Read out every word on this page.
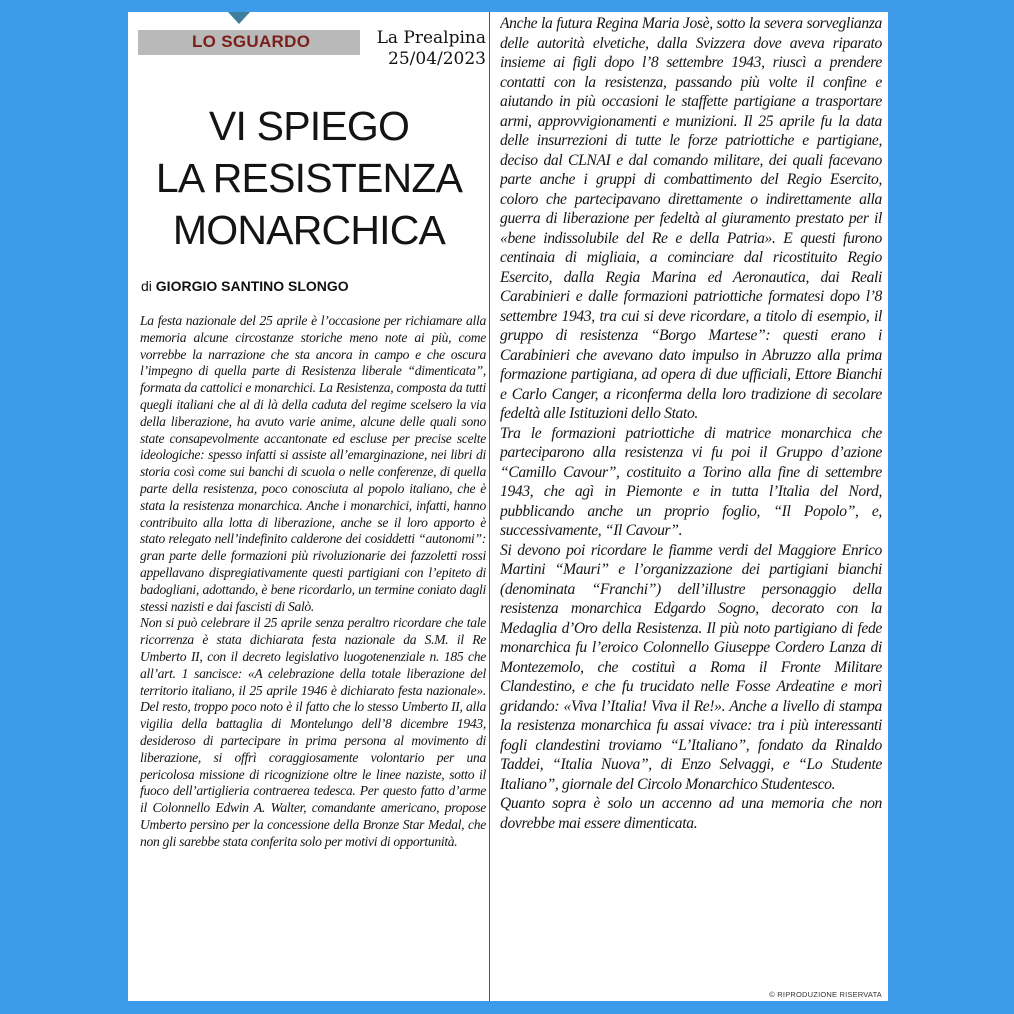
LO SGUARDO	La Prealpina
25/04/2023
VI SPIEGO
LA RESISTENZA
MONARCHICA
di GIORGIO SANTINO SLONGO

La festa nazionale del 25 aprile è l’occasione per richiamare alla memoria alcune circostanze storiche meno note ai più, come vorrebbe la narrazione che sta ancora in campo e che oscura l’impegno di quella parte di Resistenza liberale “dimenticata”, formata da cattolici e monarchici. La Resistenza, composta da tutti quegli italiani che al di là della caduta del regime scelsero la via della liberazione, ha avuto varie anime, alcune delle quali sono state consapevolmente accantonate ed escluse per precise scelte ideologiche: spesso infatti si assiste all’emarginazione, nei libri di storia così come sui banchi di scuola o nelle conferenze, di quella parte della resistenza, poco conosciuta al popolo italiano, che è stata la resistenza monarchica. Anche i monarchici, infatti, hanno contribuito alla lotta di liberazione, anche se il loro apporto è stato relegato nell’indefinito calderone dei cosiddetti “autonomi”: gran parte delle formazioni più rivoluzionarie dei fazzoletti rossi appellavano dispregiativamente questi partigiani con l’epiteto di badogliani, adottando, è bene ricordarlo, un termine coniato dagli stessi nazisti e dai fascisti di Salò.

Non si può celebrare il 25 aprile senza peraltro ricordare che tale ricorrenza è stata dichiarata festa nazionale da S.M. il Re Umberto II, con il decreto legislativo luogotenenziale n. 185 che all’art. 1 sancisce: «A celebrazione della totale liberazione del territorio italiano, il 25 aprile 1946 è dichiarato festa nazionale». Del resto, troppo poco noto è il fatto che lo stesso Umberto II, alla vigilia della battaglia di Montelungo dell’8 dicembre 1943, desideroso di partecipare in prima persona al movimento di liberazione, si offrì coraggiosamente volontario per una pericolosa missione di ricognizione oltre le linee naziste, sotto il fuoco dell’artiglieria contraerea tedesca. Per questo fatto d’arme il Colonnello Edwin A. Walter, comandante americano, propose Umberto persino per la concessione della Bronze Star Medal, che non gli sarebbe stata conferita solo per motivi di opportunità.

Anche la futura Regina Maria Josè, sotto la severa sorveglianza delle autorità elvetiche, dalla Svizzera dove aveva riparato insieme ai figli dopo l’8 settembre 1943, riuscì a prendere contatti con la resistenza, passando più volte il confine e aiutando in più occasioni le staffette partigiane a trasportare armi, approvvigionamenti e munizioni. Il 25 aprile fu la data delle insurrezioni di tutte le forze patriottiche e partigiane, deciso dal CLNAI e dal comando militare, dei quali facevano parte anche i gruppi di combattimento del Regio Esercito, coloro che partecipavano direttamente o indirettamente alla guerra di liberazione per fedeltà al giuramento prestato per il «bene indissolubile del Re e della Patria». E questi furono centinaia di migliaia, a cominciare dal ricostituito Regio Esercito, dalla Regia Marina ed Aeronautica, dai Reali Carabinieri e dalle formazioni patriottiche formatesi dopo l’8 settembre 1943, tra cui si deve ricordare, a titolo di esempio, il gruppo di resistenza “Borgo Martese”: questi erano i Carabinieri che avevano dato impulso in Abruzzo alla prima formazione partigiana, ad opera di due ufficiali, Ettore Bianchi e Carlo Canger, a riconferma della loro tradizione di secolare fedeltà alle Istituzioni dello Stato.

Tra le formazioni patriottiche di matrice monarchica che parteciparono alla resistenza vi fu poi il Gruppo d’azione “Camillo Cavour”, costituito a Torino alla fine di settembre 1943, che agì in Piemonte e in tutta l’Italia del Nord, pubblicando anche un proprio foglio, “Il Popolo”, e, successivamente, “Il Cavour”.

Si devono poi ricordare le fiamme verdi del Maggiore Enrico Martini “Mauri” e l’organizzazione dei partigiani bianchi (denominata “Franchi”) dell’illustre personaggio della resistenza monarchica Edgardo Sogno, decorato con la Medaglia d’Oro della Resistenza. Il più noto partigiano di fede monarchica fu l’eroico Colonnello Giuseppe Cordero Lanza di Montezemolo, che costituì a Roma il Fronte Militare Clandestino, e che fu trucidato nelle Fosse Ardeatine e morì gridando: «Viva l’Italia! Viva il Re!». Anche a livello di stampa la resistenza monarchica fu assai vivace: tra i più interessanti fogli clandestini troviamo “L’Italiano”, fondato da Rinaldo Taddei, “Italia Nuova”, di Enzo Selvaggi, e “Lo Studente Italiano”, giornale del Circolo Monarchico Studentesco.

Quanto sopra è solo un accenno ad una memoria che non dovrebbe mai essere dimenticata.

© RIPRODUZIONE RISERVATA
